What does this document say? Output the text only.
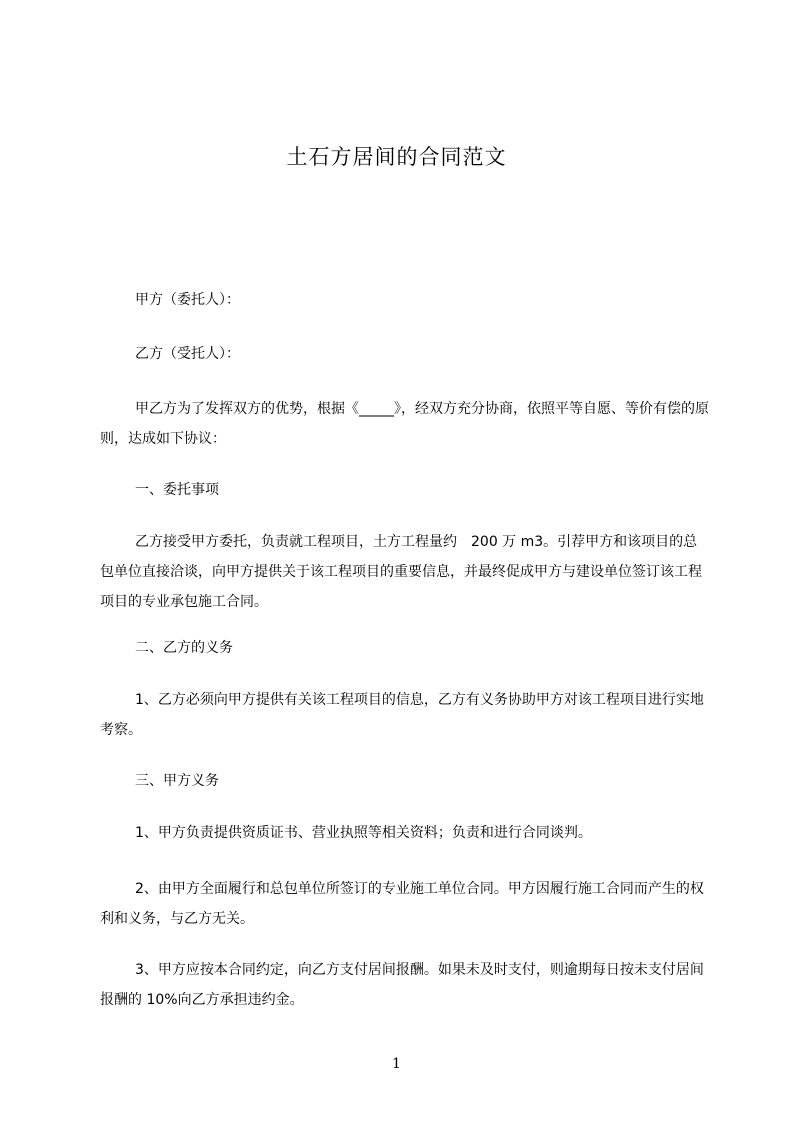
土石方居间的合同范文

甲方（委托人）：

乙方（受托人）：

甲乙方为了发挥双方的优势，根据《_____》，经双方充分协商，依照平等自愿、等价有偿的原则，达成如下协议：

一、委托事项

乙方接受甲方委托，负责就工程项目，土方工程量约　200 万 m3。引荐甲方和该项目的总包单位直接洽谈，向甲方提供关于该工程项目的重要信息，并最终促成甲方与建设单位签订该工程项目的专业承包施工合同。

二、乙方的义务

1、乙方必须向甲方提供有关该工程项目的信息，乙方有义务协助甲方对该工程项目进行实地考察。

三、甲方义务

1、甲方负责提供资质证书、营业执照等相关资料；负责和进行合同谈判。

2、由甲方全面履行和总包单位所签订的专业施工单位合同。甲方因履行施工合同而产生的权利和义务，与乙方无关。

3、甲方应按本合同约定，向乙方支付居间报酬。如果未及时支付，则逾期每日按未支付居间报酬的 10%向乙方承担违约金。

1
